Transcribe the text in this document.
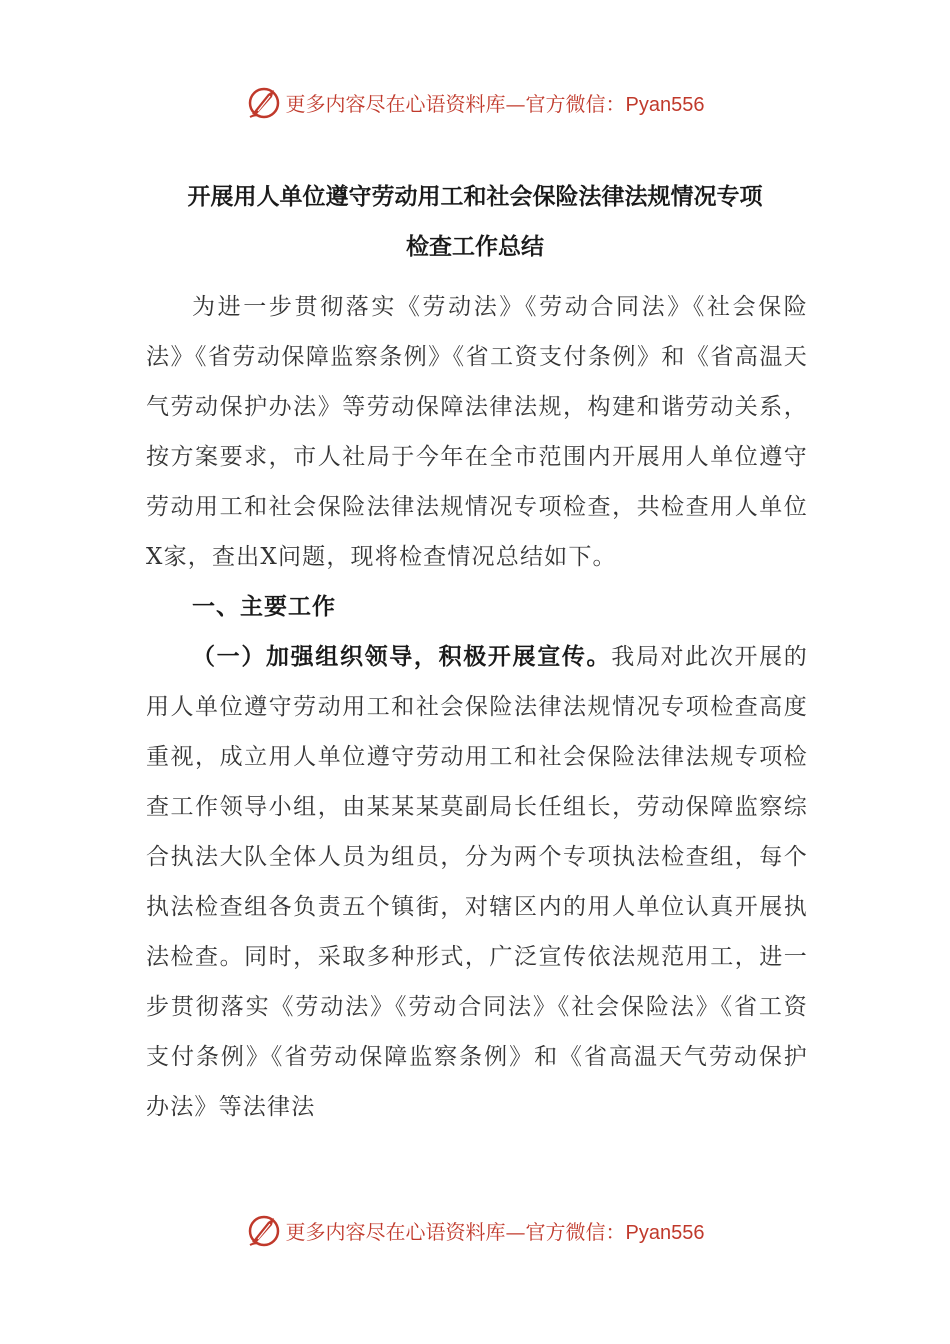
更多内容尽在心语资料库—官方微信：Pyan556
开展用人单位遵守劳动用工和社会保险法律法规情况专项
检查工作总结

为进一步贯彻落实《劳动法》《劳动合同法》《社会保险法》《省劳动保障监察条例》《省工资支付条例》和《省高温天气劳动保护办法》等劳动保障法律法规，构建和谐劳动关系，按方案要求，市人社局于今年在全市范围内开展用人单位遵守劳动用工和社会保险法律法规情况专项检查，共检查用人单位X家，查出X问题，现将检查情况总结如下。

一、主要工作

（一）加强组织领导，积极开展宣传。我局对此次开展的用人单位遵守劳动用工和社会保险法律法规情况专项检查高度重视，成立用人单位遵守劳动用工和社会保险法律法规专项检查工作领导小组，由某某某莫副局长任组长，劳动保障监察综合执法大队全体人员为组员，分为两个专项执法检查组，每个执法检查组各负责五个镇街，对辖区内的用人单位认真开展执法检查。同时，采取多种形式，广泛宣传依法规范用工，进一步贯彻落实《劳动法》《劳动合同法》《社会保险法》《省工资支付条例》《省劳动保障监察条例》和《省高温天气劳动保护办法》等法律法

更多内容尽在心语资料库—官方微信：Pyan556
